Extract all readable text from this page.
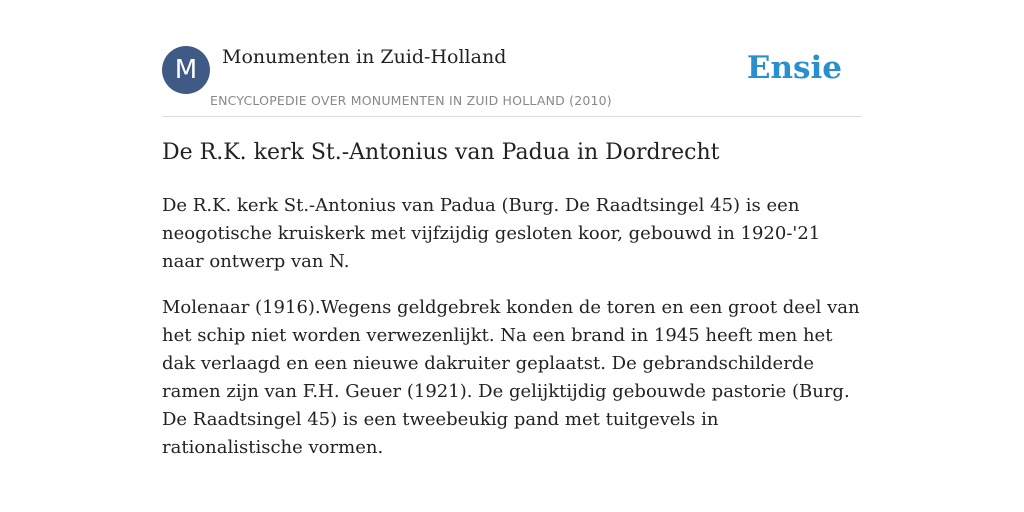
M	Monumenten in Zuid-Holland
ENCYCLOPEDIE OVER MONUMENTEN IN ZUID HOLLAND (2010)
Ensie
De R.K. kerk St.-Antonius van Padua in Dordrecht

De R.K. kerk St.-Antonius van Padua (Burg. De Raadtsingel 45) is een neogotische kruiskerk met vijfzijdig gesloten koor, gebouwd in 1920-'21 naar ontwerp van N.

Molenaar (1916).Wegens geldgebrek konden de toren en een groot deel van het schip niet worden verwezenlijkt. Na een brand in 1945 heeft men het dak verlaagd en een nieuwe dakruiter geplaatst. De gebrandschilderde ramen zijn van F.H. Geuer (1921). De gelijktijdig gebouwde pastorie (Burg. De Raadtsingel 45) is een tweebeukig pand met tuitgevels in rationalistische vormen.
